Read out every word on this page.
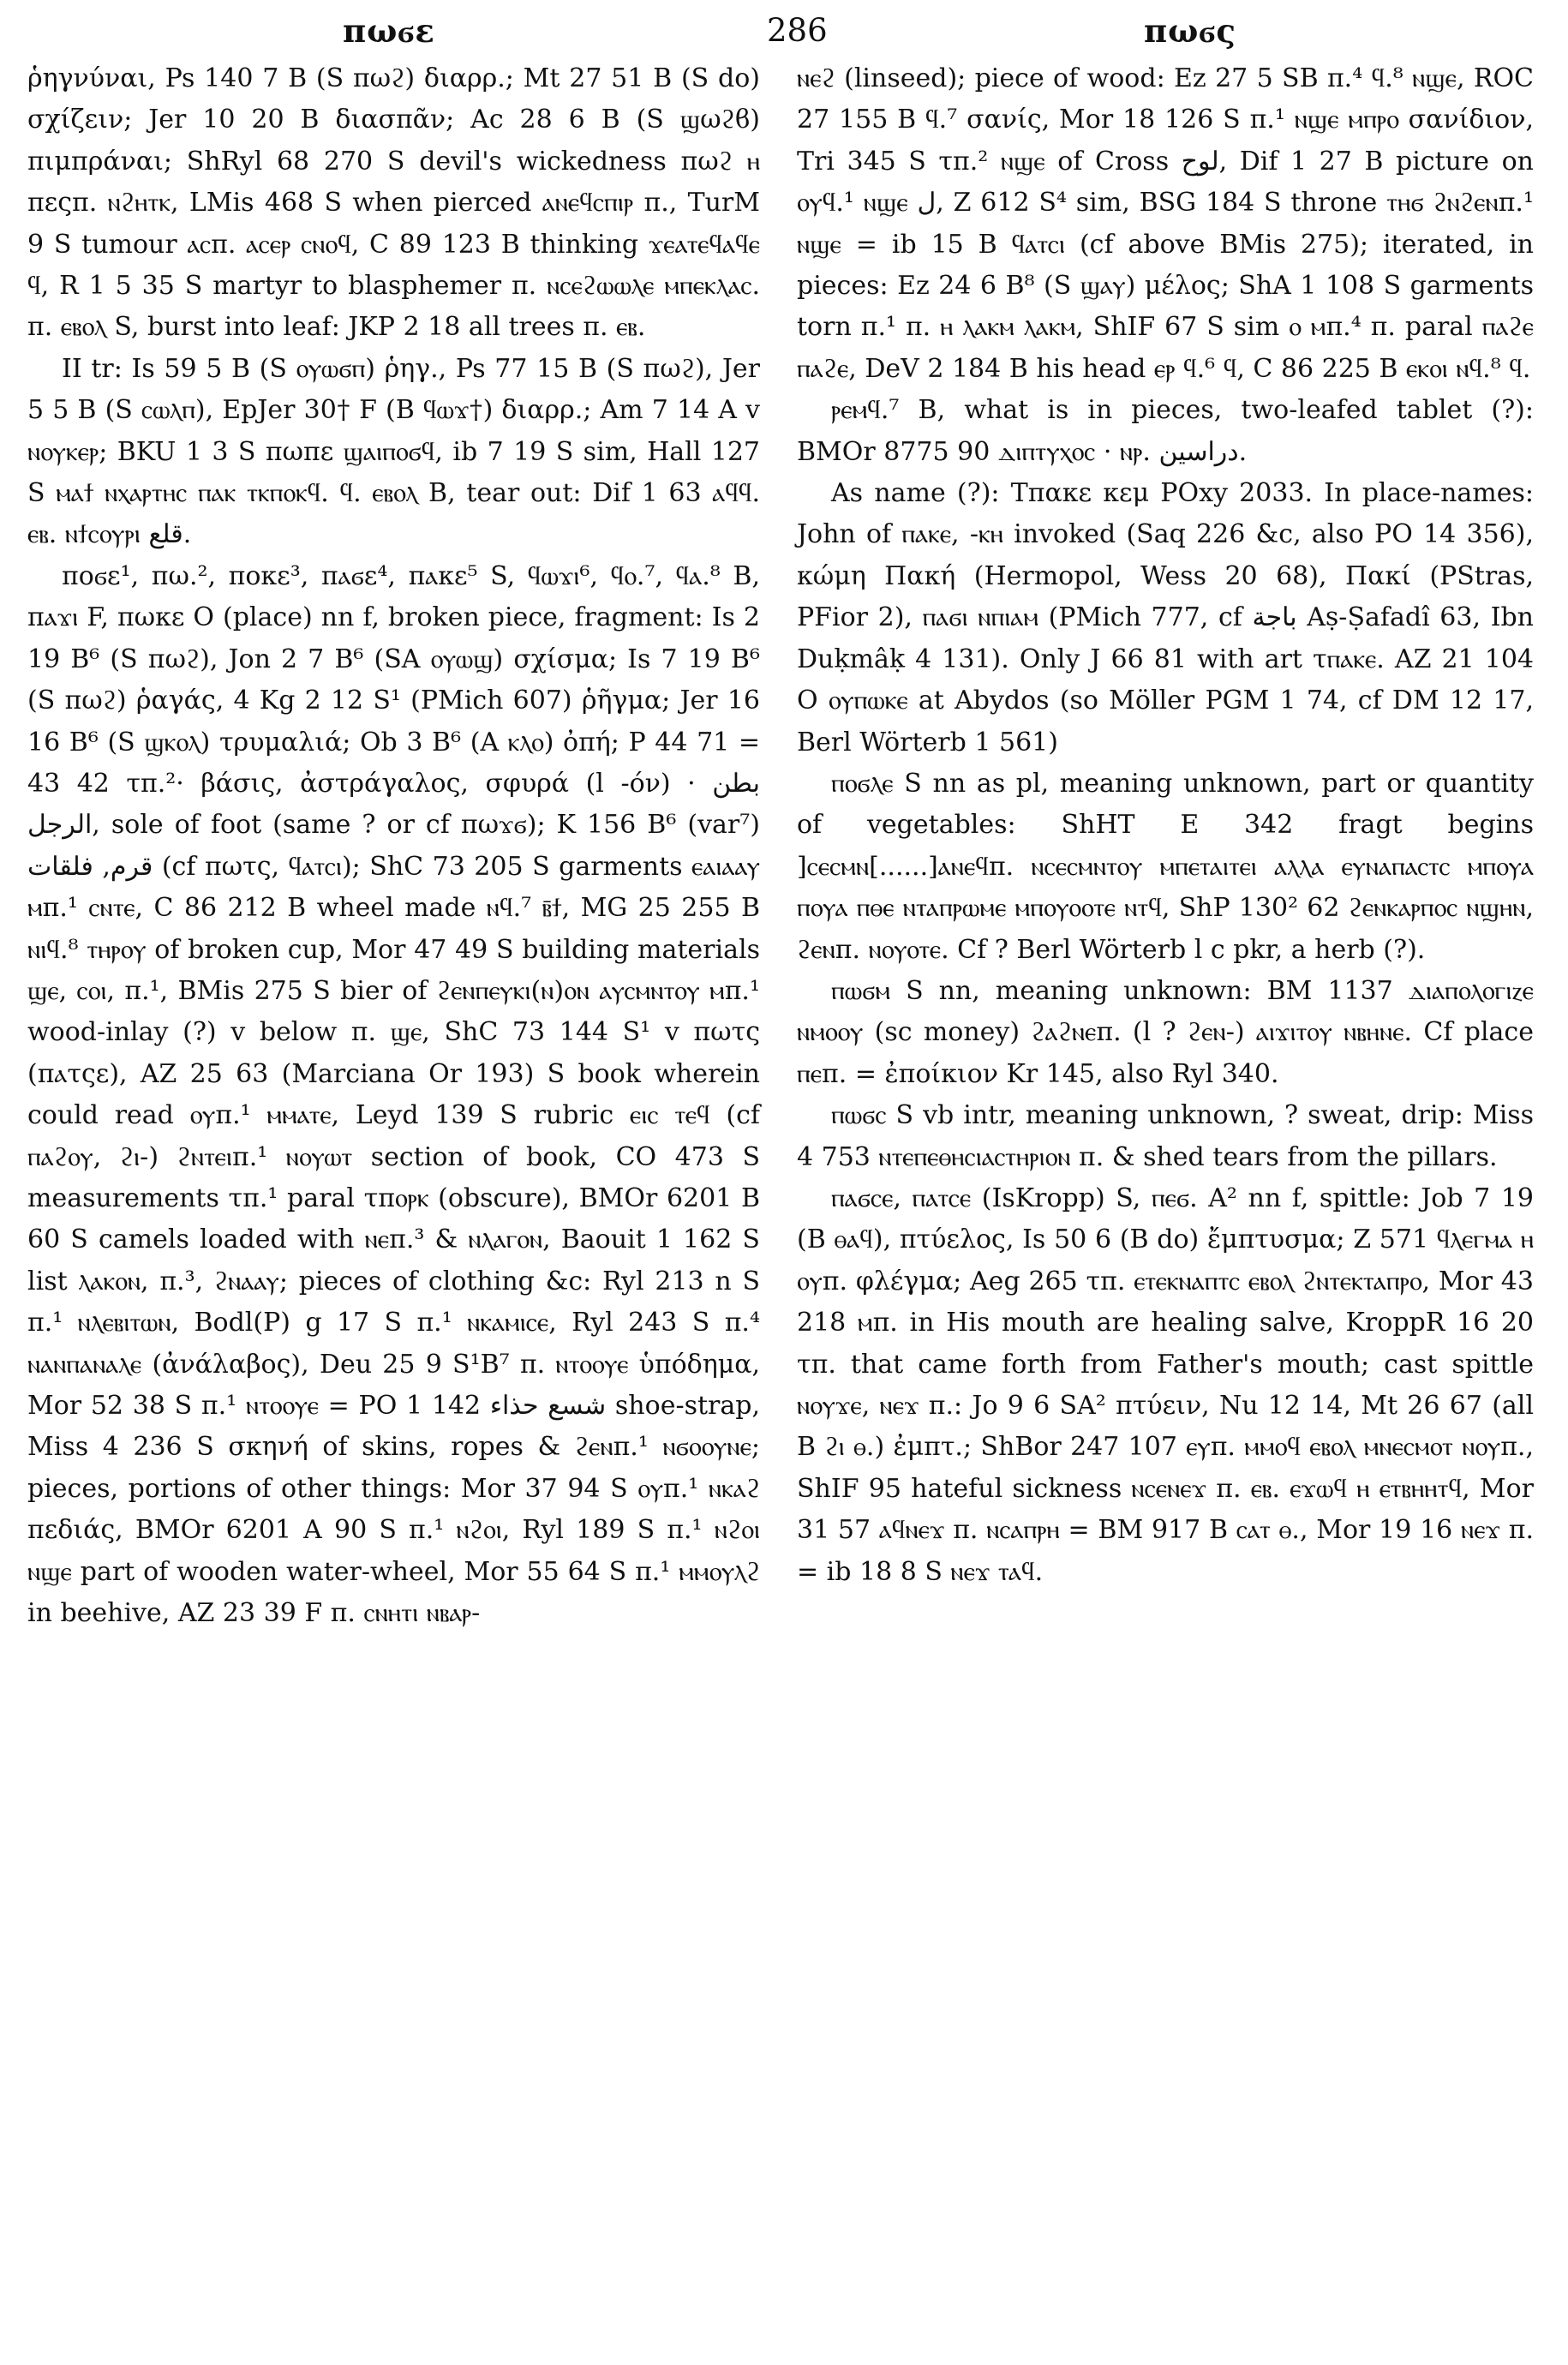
πωϭε	286	πωϭς

ῥηγνύναι, Ps 140 7 B (S πωϩ) διαρρ.; Mt 27 51 B (S do) σχίζειν; Jer 10 20 B διασπᾶν; Ac 28 6 B (S ϣωϩϐ) πιμπράναι; ShRyl 68 270 S devil's wickedness πωϩ ⲏ πεςπ. ⲛϩⲏⲧⲕ, LMis 468 S when pierced ⲁⲛⲉϥⲥⲡⲓⲣ π., TurM 9 S tumour ⲁⲥπ. ⲁⲥⲉⲣ ⲥⲛⲟϥ, C 89 123 B thinking ϫⲉⲁⲧⲉϥⲁϥⲉ ϥ, R 1 5 35 S martyr to blasphemer π. ⲛⲥⲉϩⲱⲱⲗⲉ ⲙⲡⲉⲕⲗⲁⲥ. π. ⲉⲃⲟⲗ S, burst into leaf: JKP 2 18 all trees π. ⲉⲃ.

II tr: Is 59 5 B (S ⲟⲩⲱϭⲡ) ῥηγ., Ps 77 15 B (S πωϩ), Jer 5 5 B (S ⲥⲱⲗⲡ), EpJer 30† F (B ϥⲱϫ†) διαρρ.; Am 7 14 A v ⲛⲟⲩⲕⲉⲣ; BKU 1 3 S πωπε ϣⲁⲓⲡⲟϭϥ, ib 7 19 S sim, Hall 127 S ⲙⲁϯ ⲛⲭⲁⲣⲧⲏⲥ ⲡⲁⲕ ⲧⲕⲡⲟⲕϥ. ϥ. ⲉⲃⲟⲗ B, tear out: Dif 1 63 ⲁϥϥ. ⲉⲃ. ⲛϯⲥⲟⲩⲣⲓ قلع.

ποϭε¹, πω.², ποκε³, πⲁϭε⁴, πⲁκε⁵ S, ϥⲱϫⲓ⁶, ϥⲟ.⁷, ϥⲁ.⁸ B, πⲁϫⲓ F, πωκε O (place) nn f, broken piece, fragment: Is 2 19 B⁶ (S πωϩ), Jon 2 7 B⁶ (SA ⲟⲩⲱϣ) σχίσμα; Is 7 19 B⁶ (S πωϩ) ῥαγάς, 4 Kg 2 12 S¹ (PMich 607) ῥῆγμα; Jer 16 16 B⁶ (S ϣⲕⲟⲗ) τρυμαλιά; Ob 3 B⁶ (A ⲕⲗⲟ) ὀπή; P 44 71 = 43 42 τπ.²· βάσις, ἀστράγαλος, σφυρά (l -όν) · بطن الرجل, sole of foot (same ? or cf πωϫϭ); K 156 B⁶ (var⁷) قرم, فلقات (cf πωτς, ϥⲁⲧⲥⲓ); ShC 73 205 S garments ⲉⲁⲓⲁⲁⲩ ⲙπ.¹ ⲥⲛⲧⲉ, C 86 212 B wheel made ⲛϥ.⁷ ⲃ̄ϯ, MG 25 255 B ⲛⲓϥ.⁸ ⲧⲏⲣⲟⲩ of broken cup, Mor 47 49 S building materials ϣⲉ, ⲥⲟⲓ, π.¹, BMis 275 S bier of ϩⲉⲛⲡⲉⲩⲕⲓ(ⲛ)ⲟⲛ ⲁⲩⲥⲙⲛⲧⲟⲩ ⲙπ.¹ wood-inlay (?) v below π. ϣⲉ, ShC 73 144 S¹ v πωτς (πⲁτςε), AZ 25 63 (Marciana Or 193) S book wherein could read ⲟⲩπ.¹ ⲙⲙⲁⲧⲉ, Leyd 139 S rubric ⲉⲓⲥ ⲧⲉϥ (cf ⲡⲁϩⲟⲩ, ϩⲓ-) ϩⲛⲧⲉⲓπ.¹ ⲛⲟⲩⲱⲧ section of book, CO 473 S measurements τπ.¹ paral τπⲟⲣⲕ (obscure), BMOr 6201 B 60 S camels loaded with ⲛⲉπ.³ & ⲛⲗⲁⲅⲟⲛ, Baouit 1 162 S list ⲗⲁⲕⲟⲛ, π.³, ϩⲛⲁⲁⲩ; pieces of clothing &c: Ryl 213 n S π.¹ ⲛⲗⲉⲃⲓⲧⲱⲛ, Bodl(P) g 17 S π.¹ ⲛⲕⲁⲙⲓⲥⲉ, Ryl 243 S π.⁴ ⲛⲁⲛⲡⲁⲛⲁⲗⲉ (ἀνάλαβος), Deu 25 9 S¹B⁷ π. ⲛⲧⲟⲟⲩⲉ ὑπόδημα, Mor 52 38 S π.¹ ⲛⲧⲟⲟⲩⲉ = PO 1 142 شسع حذاء shoe-strap, Miss 4 236 S σκηνή of skins, ropes & ϩⲉⲛπ.¹ ⲛϭⲟⲟⲩⲛⲉ; pieces, portions of other things: Mor 37 94 S ⲟⲩπ.¹ ⲛⲕⲁϩ πεδιάς, BMOr 6201 A 90 S π.¹ ⲛϩⲟⲓ, Ryl 189 S π.¹ ⲛϩⲟⲓ ⲛϣⲉ part of wooden water-wheel, Mor 55 64 S π.¹ ⲙⲙⲟⲩⲗϩ in beehive, AZ 23 39 F π. ⲥⲛⲏⲧⲓ ⲛⲃⲁⲣ-

ⲛⲉϩ (linseed); piece of wood: Ez 27 5 SB π.⁴ ϥ.⁸ ⲛϣⲉ, ROC 27 155 B ϥ.⁷ σανίς, Mor 18 126 S π.¹ ⲛϣⲉ ⲙⲡⲣⲟ σανίδιον, Tri 345 S τπ.² ⲛϣⲉ of Cross لوح, Dif 1 27 B picture on ⲟⲩϥ.¹ ⲛϣⲉ ل, Z 612 S⁴ sim, BSG 184 S throne ⲧⲏϭ ϩⲛϩⲉⲛπ.¹ ⲛϣⲉ = ib 15 B ϥⲁⲧⲥⲓ (cf above BMis 275); iterated, in pieces: Ez 24 6 B⁸ (S ϣⲁⲩ) μέλος; ShA 1 108 S garments torn π.¹ π. ⲏ ⲗⲁⲕⲙ ⲗⲁⲕⲙ, ShIF 67 S sim ⲟ ⲙπ.⁴ π. paral ⲡⲁϩⲉ ⲡⲁϩⲉ, DeV 2 184 B his head ⲉⲣ ϥ.⁶ ϥ, C 86 225 B ⲉⲕⲟⲓ ⲛϥ.⁸ ϥ.

ⲣⲉⲙϥ.⁷ B, what is in pieces, two-leafed tablet (?): BMOr 8775 90 ⲇⲓⲡⲧⲩⲭⲟⲥ · ⲛⲣ. دراسين.

As name (?): Τπακε κεμ POxy 2033. In place-names: John of ⲡⲁⲕⲉ, -ⲕⲏ invoked (Saq 226 &c, also PO 14 356), κώμη Πακή (Hermopol, Wess 20 68), Πακί (PStras, PFior 2), ⲡⲁϭⲓ ⲛⲡⲓⲁⲙ (PMich 777, cf باجة Aṣ-Ṣafadî 63, Ibn Duḳmâḳ 4 131). Only J 66 81 with art τⲡⲁⲕⲉ. AZ 21 104 O ⲟⲩⲡⲱⲕⲉ at Abydos (so Möller PGM 1 74, cf DM 12 17, Berl Wörterb 1 561)

ⲡⲟϭⲗⲉ S nn as pl, meaning unknown, part or quantity of vegetables: ShHT E 342 fragt begins ]ⲥⲉⲥⲙⲛ[......]ⲁⲛⲉϥπ. ⲛⲥⲉⲥⲙⲛⲧⲟⲩ ⲙⲡⲉⲧⲁⲓⲧⲉⲓ ⲁⲗⲗⲁ ⲉⲩⲛⲁⲡⲁⲥⲧⲥ ⲙⲡⲟⲩⲁ ⲡⲟⲩⲁ ⲡⲑⲉ ⲛⲧⲁⲡⲣⲱⲙⲉ ⲙⲡⲟⲩⲟⲟⲧⲉ ⲛⲧϥ, ShP 130² 62 ϩⲉⲛⲕⲁⲣⲡⲟⲥ ⲛϣⲏⲛ, ϩⲉⲛπ. ⲛⲟⲩⲟⲧⲉ. Cf ? Berl Wörterb l c pkr, a herb (?).

ⲡⲱϭⲙ S nn, meaning unknown: BM 1137 ⲇⲓⲁⲡⲟⲗⲟⲅⲓⲍⲉ ⲛⲙⲟⲟⲩ (sc money) ϩⲁϩⲛⲉπ. (l ? ϩⲉⲛ-) ⲁⲓϫⲓⲧⲟⲩ ⲛⲃⲏⲛⲉ. Cf place ⲡⲉπ. = ἐποίκιον Kr 145, also Ryl 340.

ⲡⲱϭⲥ S vb intr, meaning unknown, ? sweat, drip: Miss 4 753 ⲛⲧⲉⲡⲉⲑⲏⲥⲓⲁⲥⲧⲏⲣⲓⲟⲛ π. & shed tears from the pillars.

ⲡⲁϭⲥⲉ, ⲡⲁⲧⲥⲉ (IsKropp) S, ⲡⲉϭ. A² nn f, spittle: Job 7 19 (B ⲑⲁϥ), πτύελος, Is 50 6 (B do) ἔμπτυσμα; Z 571 ϥⲗⲉⲅⲙⲁ ⲏ ⲟⲩπ. φλέγμα; Aeg 265 τπ. ⲉⲧⲉⲕⲛⲁⲡⲧⲥ ⲉⲃⲟⲗ ϩⲛⲧⲉⲕⲧⲁⲡⲣⲟ, Mor 43 218 ⲙπ. in His mouth are healing salve, KroppR 16 20 τπ. that came forth from Father's mouth; cast spittle ⲛⲟⲩϫⲉ, ⲛⲉϫ π.: Jo 9 6 SA² πτύειν, Nu 12 14, Mt 26 67 (all B ϩⲓ ⲑ.) ἐμπτ.; ShBor 247 107 ⲉⲩπ. ⲙⲙⲟϥ ⲉⲃⲟⲗ ⲙⲛⲉⲥⲙⲟⲧ ⲛⲟⲩπ., ShIF 95 hateful sickness ⲛⲥⲉⲛⲉϫ π. ⲉⲃ. ⲉϫⲱϥ ⲏ ⲉⲧⲃⲏⲏⲧϥ, Mor 31 57 ⲁϥⲛⲉϫ π. ⲛⲥⲁⲡⲣⲏ = BM 917 B ⲥⲁⲧ ⲑ., Mor 19 16 ⲛⲉϫ π. = ib 18 8 S ⲛⲉϫ ⲧⲁϥ.
